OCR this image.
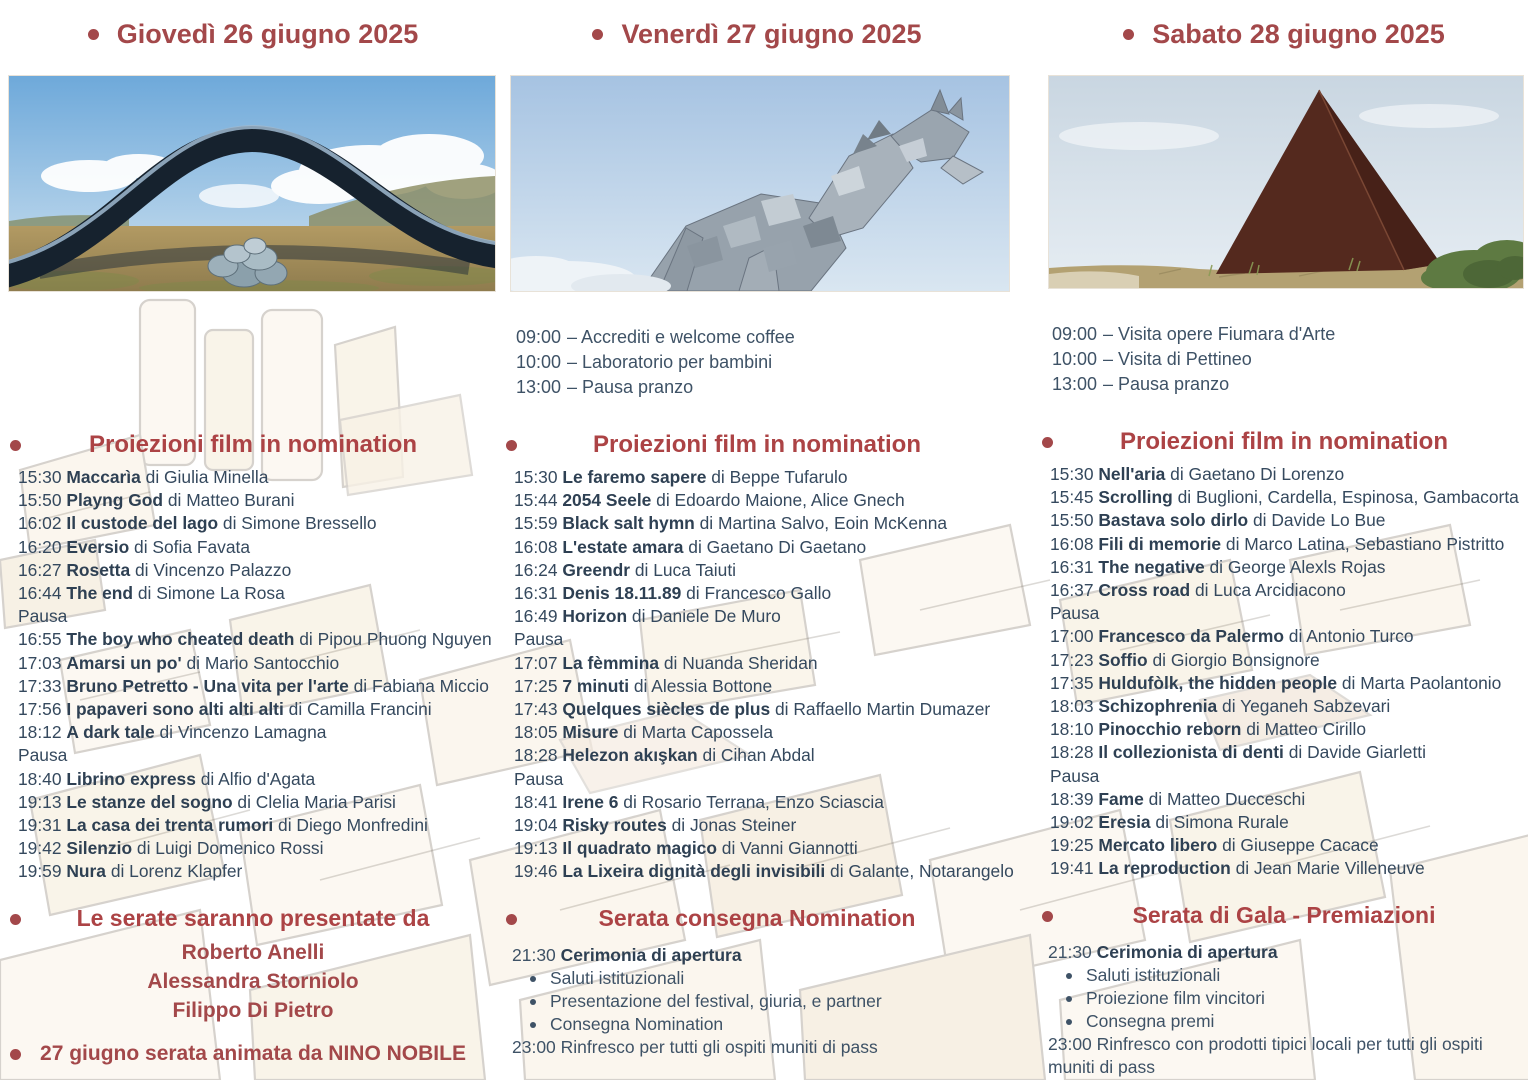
Giovedì 26 giugno 2025
Proiezioni film in nomination
15:30 Maccarìa di Giulia Minella
15:50 Playng God di Matteo Burani
16:02 Il custode del lago di Simone Bressello
16:20 Eversio di Sofia Favata
16:27 Rosetta di Vincenzo Palazzo
16:44 The end di Simone La Rosa
Pausa
16:55 The boy who cheated death di Pipou Phuong Nguyen
17:03 Amarsi un po' di Mario Santocchio
17:33 Bruno Petretto - Una vita per l'arte di Fabiana Miccio
17:56 I papaveri sono alti alti alti di Camilla Francini
18:12 A dark tale di Vincenzo Lamagna
Pausa
18:40 Librino express di Alfio d'Agata
19:13 Le stanze del sogno di Clelia Maria Parisi
19:31 La casa dei trenta rumori di Diego Monfredini
19:42 Silenzio di Luigi Domenico Rossi
19:59 Nura di Lorenz Klapfer
Le serate saranno presentate da
Roberto Anelli
Alessandra Storniolo
Filippo Di Pietro
27 giugno serata animata da NINO NOBILE
Venerdì 27 giugno 2025
09:00 – Accrediti e welcome coffee
10:00 – Laboratorio per bambini
13:00 – Pausa pranzo
Proiezioni film in nomination
15:30 Le faremo sapere di Beppe Tufarulo
15:44 2054 Seele di Edoardo Maione, Alice Gnech
15:59 Black salt hymn di Martina Salvo, Eoin McKenna
16:08 L'estate amara di Gaetano Di Gaetano
16:24 Greendr di Luca Taiuti
16:31 Denis 18.11.89 di Francesco Gallo
16:49 Horizon di Daniele De Muro
Pausa
17:07 La fèmmina di Nuanda Sheridan
17:25 7 minuti di Alessia Bottone
17:43 Quelques siècles de plus di Raffaello Martin Dumazer
18:05 Misure di Marta Capossela
18:28 Helezon akışkan di Cihan Abdal
Pausa
18:41 Irene 6 di Rosario Terrana, Enzo Sciascia
19:04 Risky routes di Jonas Steiner
19:13 Il quadrato magico di Vanni Giannotti
19:46 La Lixeira dignità degli invisibili di Galante, Notarangelo
Serata consegna Nomination
21:30 Cerimonia di apertura
Saluti istituzionali
Presentazione del festival, giuria, e partner
Consegna Nomination
23:00 Rinfresco per tutti gli ospiti muniti di pass
Sabato 28 giugno 2025
09:00 – Visita opere Fiumara d'Arte
10:00 – Visita di Pettineo
13:00 – Pausa pranzo
Proiezioni film in nomination
15:30 Nell'aria di Gaetano Di Lorenzo
15:45 Scrolling di Buglioni, Cardella, Espinosa, Gambacorta
15:50 Bastava solo dirlo di Davide Lo Bue
16:08 Fili di memorie di Marco Latina, Sebastiano Pistritto
16:31 The negative di George Alexls Rojas
16:37 Cross road di Luca Arcidiacono
Pausa
17:00 Francesco da Palermo di Antonio Turco
17:23 Soffio di Giorgio Bonsignore
17:35 Huldufòlk, the hidden people di Marta Paolantonio
18:03 Schizophrenia di Yeganeh Sabzevari
18:10 Pinocchio reborn di Matteo Cirillo
18:28 Il collezionista di denti di Davide Giarletti
Pausa
18:39 Fame di Matteo Ducceschi
19:02 Eresia di Simona Rurale
19:25 Mercato libero di Giuseppe Cacace
19:41 La reproduction di Jean Marie Villeneuve
Serata di Gala - Premiazioni
21:30 Cerimonia di apertura
Saluti istituzionali
Proiezione film vincitori
Consegna premi
23:00 Rinfresco con prodotti tipici locali per tutti gli ospiti muniti di pass
